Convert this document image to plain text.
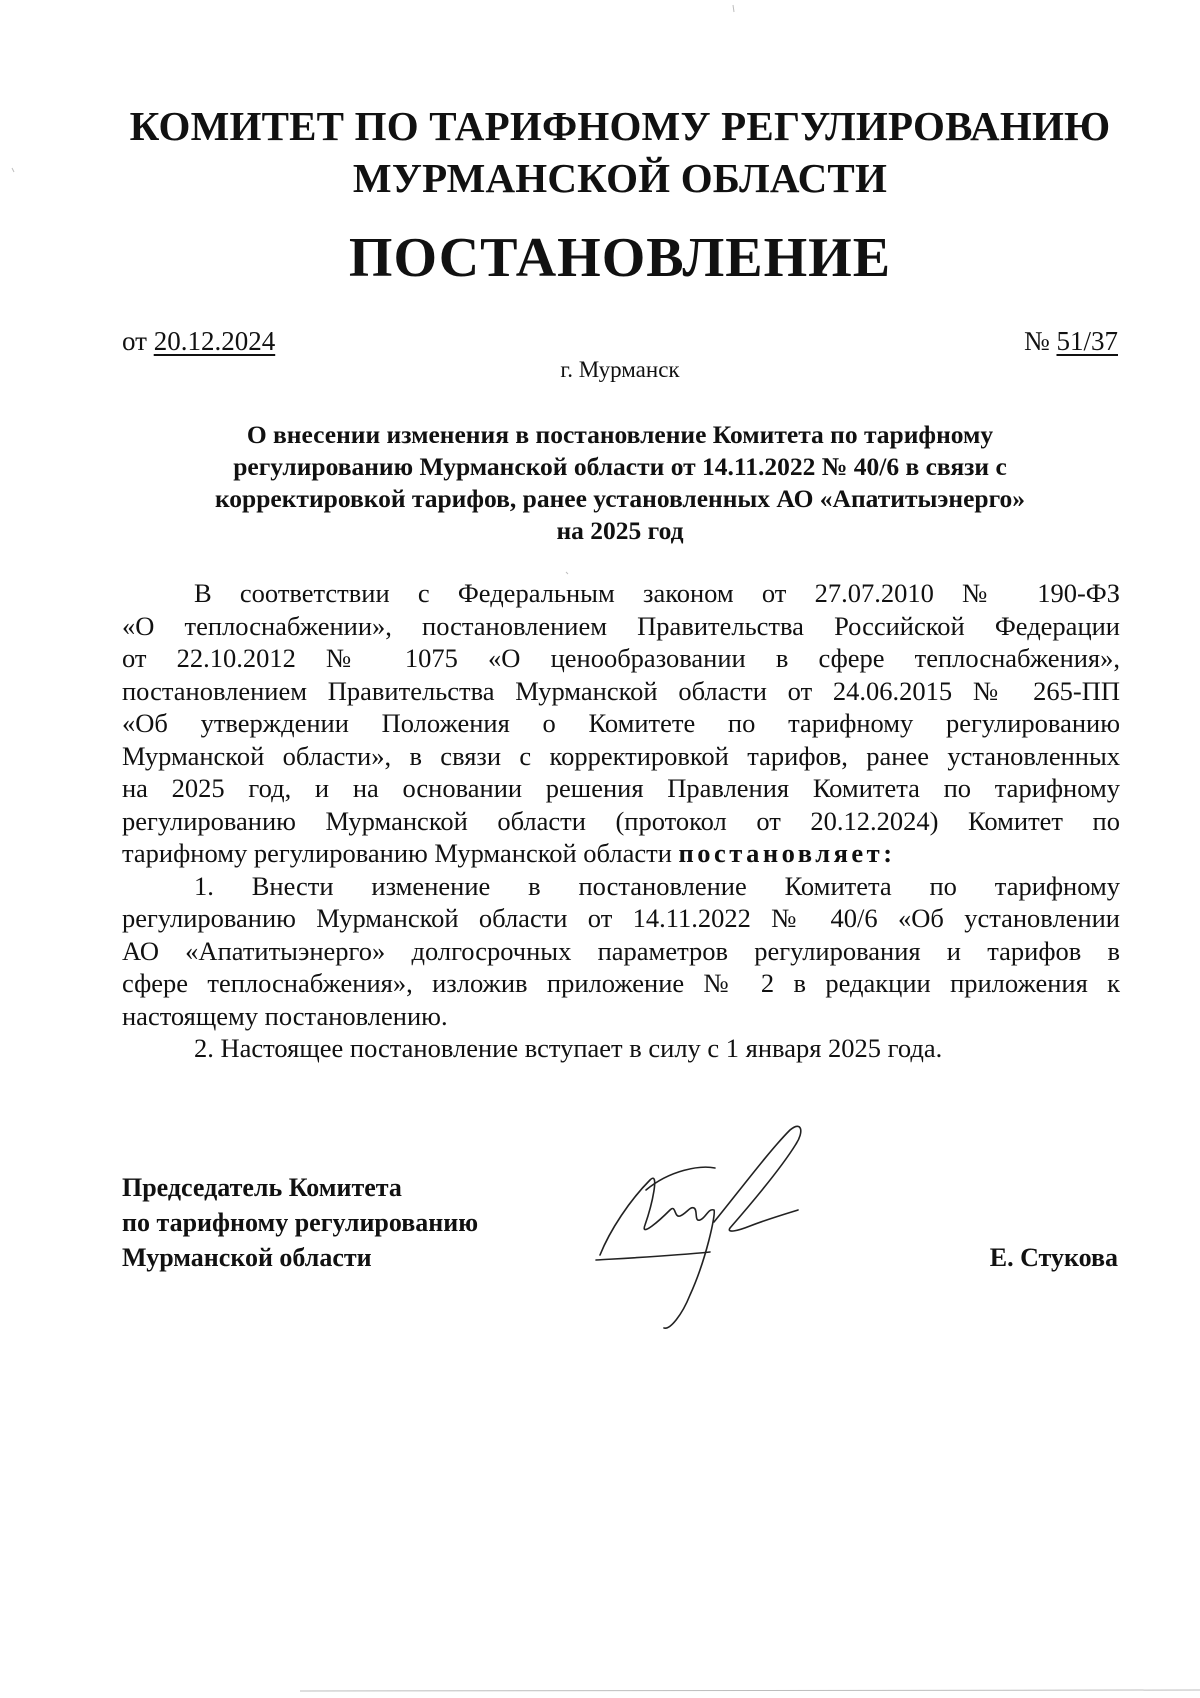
КОМИТЕТ ПО ТАРИФНОМУ РЕГУЛИРОВАНИЮ
МУРМАНСКОЙ ОБЛАСТИ
ПОСТАНОВЛЕНИЕ
от 20.12.2024	№ 51/37
г. Мурманск
О внесении изменения в постановление Комитета по тарифному
регулированию Мурманской области от 14.11.2022 № 40/6 в связи с
корректировкой тарифов, ранее установленных АО «Апатитыэнерго»
на 2025 год
В соответствии с Федеральным законом от 27.07.2010 № 190-ФЗ
«О теплоснабжении», постановлением Правительства Российской Федерации
от 22.10.2012 № 1075 «О ценообразовании в сфере теплоснабжения»,
постановлением Правительства Мурманской области от 24.06.2015 № 265-ПП
«Об утверждении Положения о Комитете по тарифному регулированию
Мурманской области», в связи с корректировкой тарифов, ранее установленных
на 2025 год, и на основании решения Правления Комитета по тарифному
регулированию Мурманской области (протокол от 20.12.2024) Комитет по
тарифному регулированию Мурманской области постановляет:
1. Внести изменение в постановление Комитета по тарифному
регулированию Мурманской области от 14.11.2022 № 40/6 «Об установлении
АО «Апатитыэнерго» долгосрочных параметров регулирования и тарифов в
сфере теплоснабжения», изложив приложение № 2 в редакции приложения к
настоящему постановлению.
2. Настоящее постановление вступает в силу с 1 января 2025 года.
Председатель Комитета
по тарифному регулированию
Мурманской области	Е. Стукова
